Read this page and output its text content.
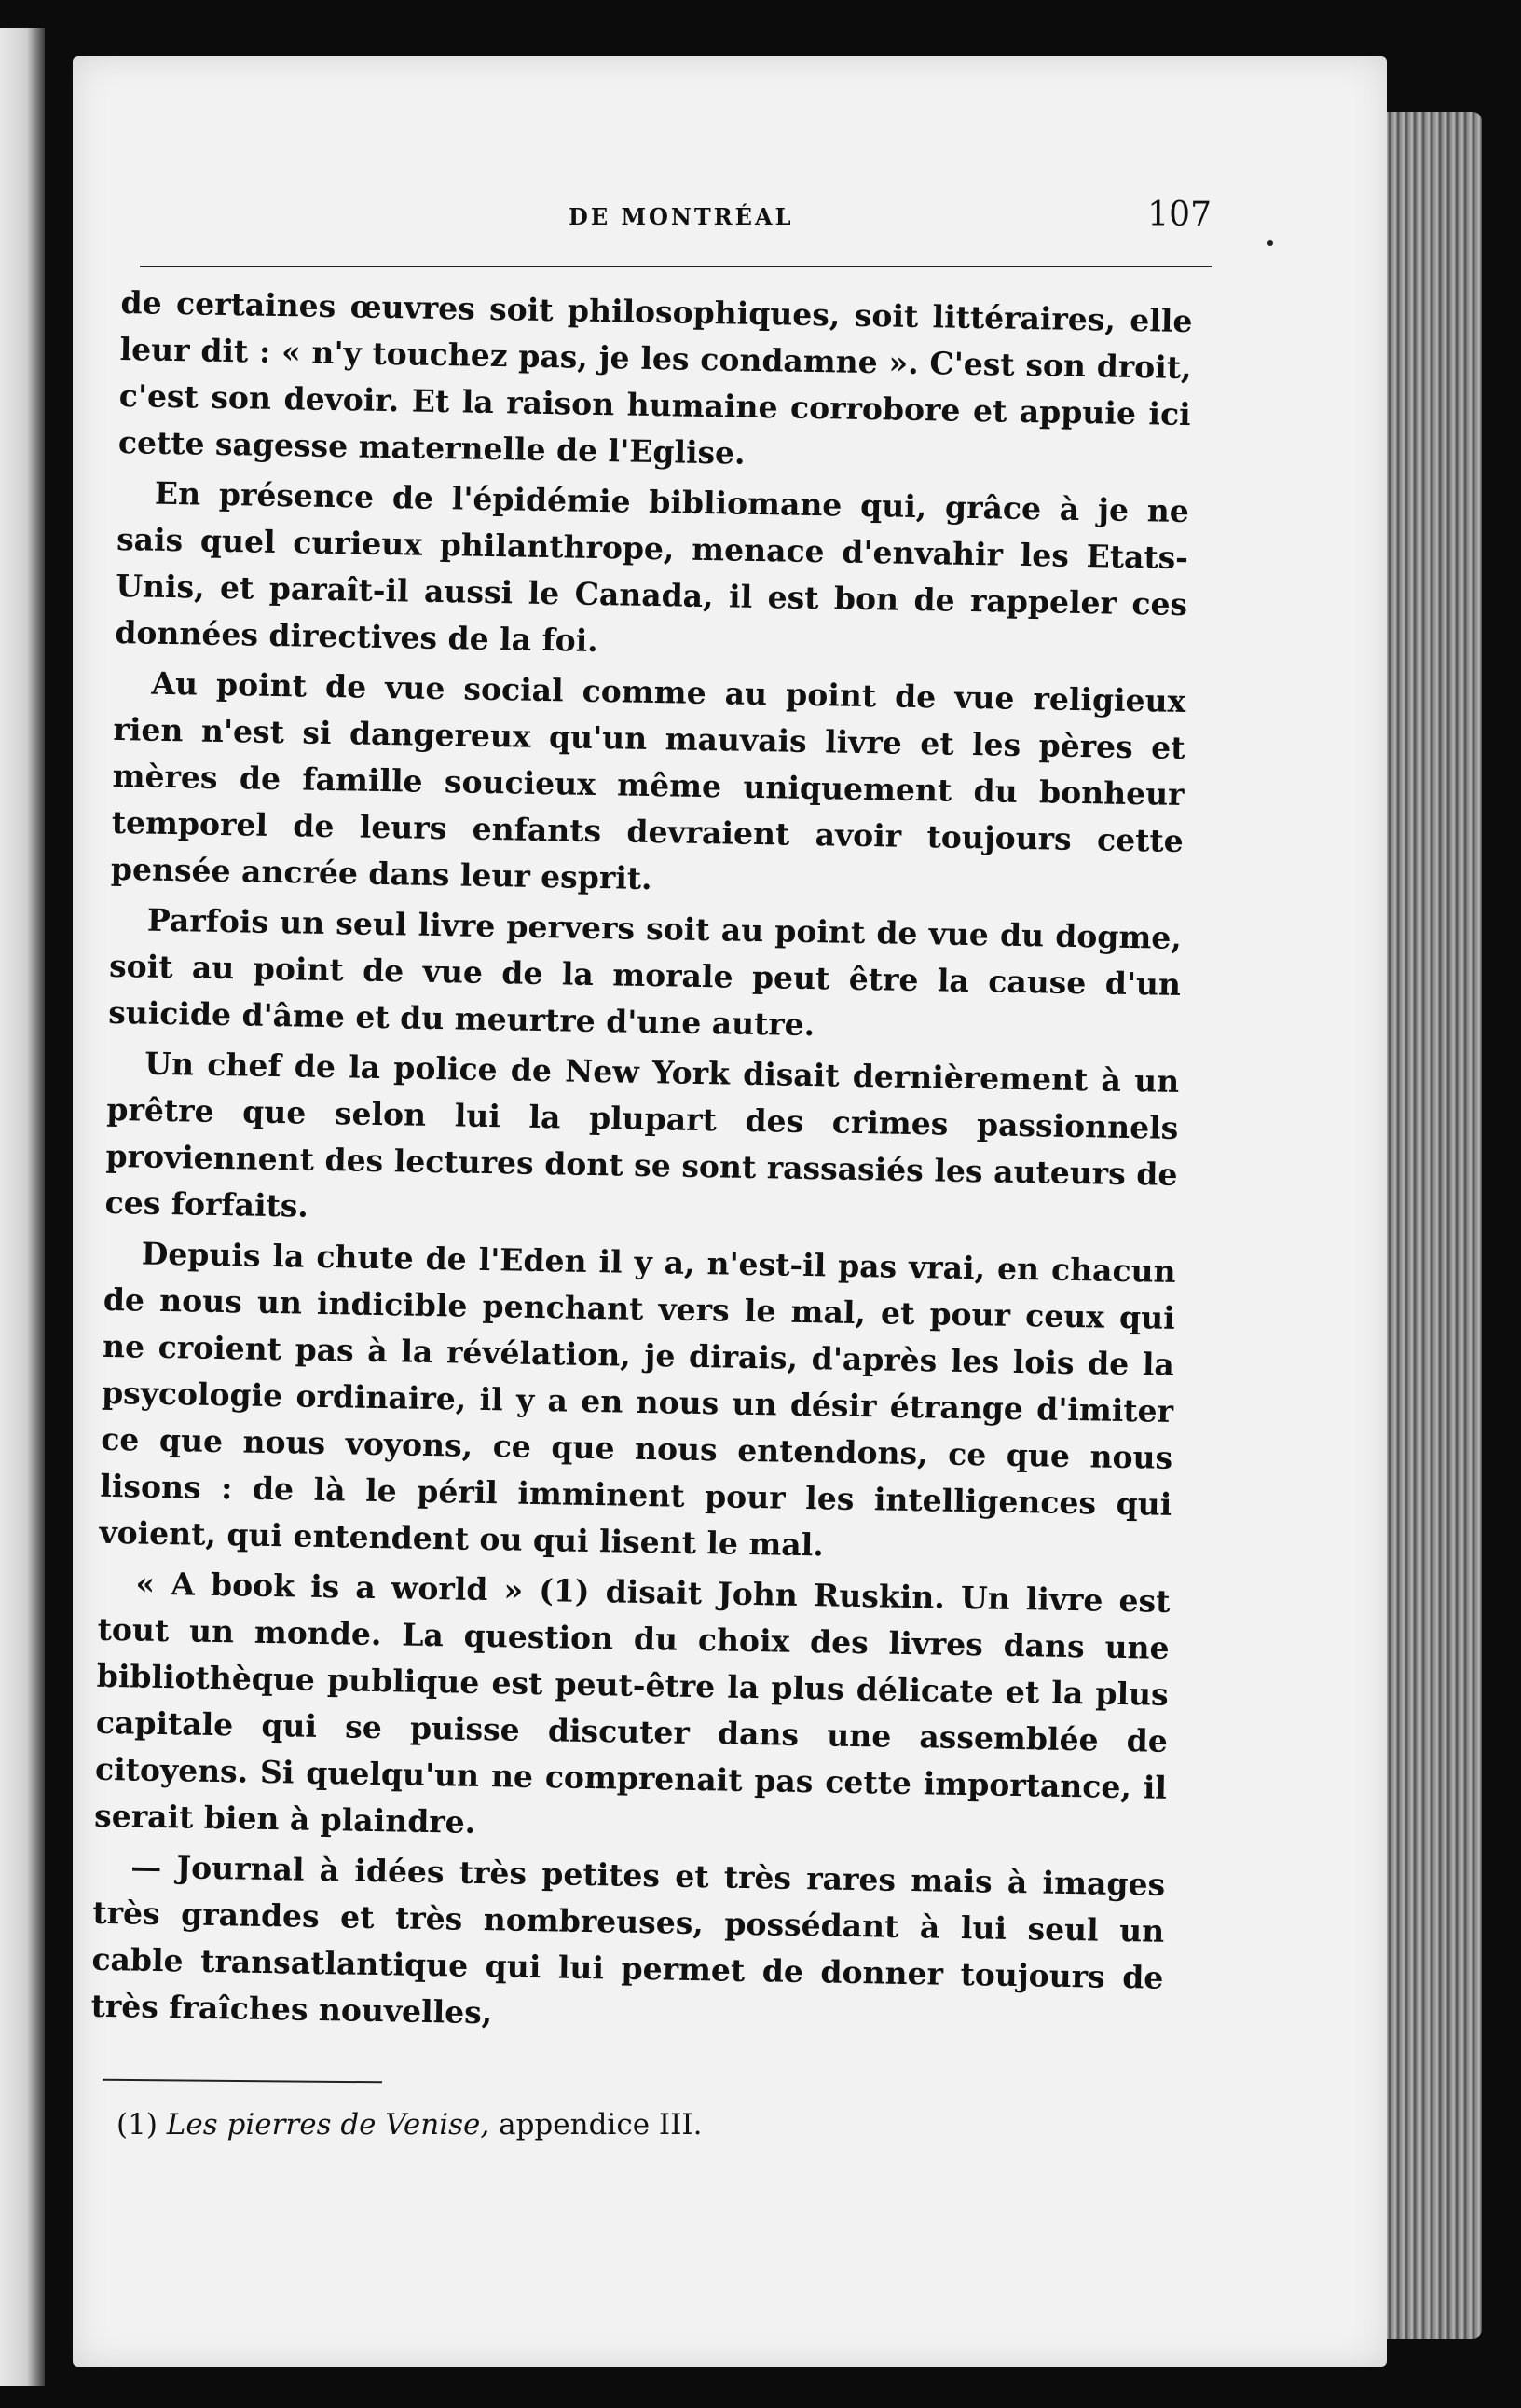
DE MONTRÉAL	107

de certaines œuvres soit philosophiques, soit littéraires, elle leur dit : « n'y touchez pas, je les condamne ». C'est son droit, c'est son devoir. Et la raison humaine corrobore et appuie ici cette sagesse maternelle de l'Eglise.

En présence de l'épidémie bibliomane qui, grâce à je ne sais quel curieux philanthrope, menace d'envahir les Etats-Unis, et paraît-il aussi le Canada, il est bon de rappeler ces données directives de la foi.

Au point de vue social comme au point de vue religieux rien n'est si dangereux qu'un mauvais livre et les pères et mères de famille soucieux même uniquement du bonheur temporel de leurs enfants devraient avoir toujours cette pensée ancrée dans leur esprit.

Parfois un seul livre pervers soit au point de vue du dogme, soit au point de vue de la morale peut être la cause d'un suicide d'âme et du meurtre d'une autre.

Un chef de la police de New York disait dernièrement à un prêtre que selon lui la plupart des crimes passionnels proviennent des lectures dont se sont rassasiés les auteurs de ces forfaits.

Depuis la chute de l'Eden il y a, n'est-il pas vrai, en chacun de nous un indicible penchant vers le mal, et pour ceux qui ne croient pas à la révélation, je dirais, d'après les lois de la psycologie ordinaire, il y a en nous un désir étrange d'imiter ce que nous voyons, ce que nous entendons, ce que nous lisons : de là le péril imminent pour les intelligences qui voient, qui entendent ou qui lisent le mal.

« A book is a world » (1) disait John Ruskin. Un livre est tout un monde. La question du choix des livres dans une bibliothèque publique est peut-être la plus délicate et la plus capitale qui se puisse discuter dans une assemblée de citoyens. Si quelqu'un ne comprenait pas cette importance, il serait bien à plaindre.

— Journal à idées très petites et très rares mais à images très grandes et très nombreuses, possédant à lui seul un cable transatlantique qui lui permet de donner toujours de très fraîches nouvelles,

(1) Les pierres de Venise, appendice III.
